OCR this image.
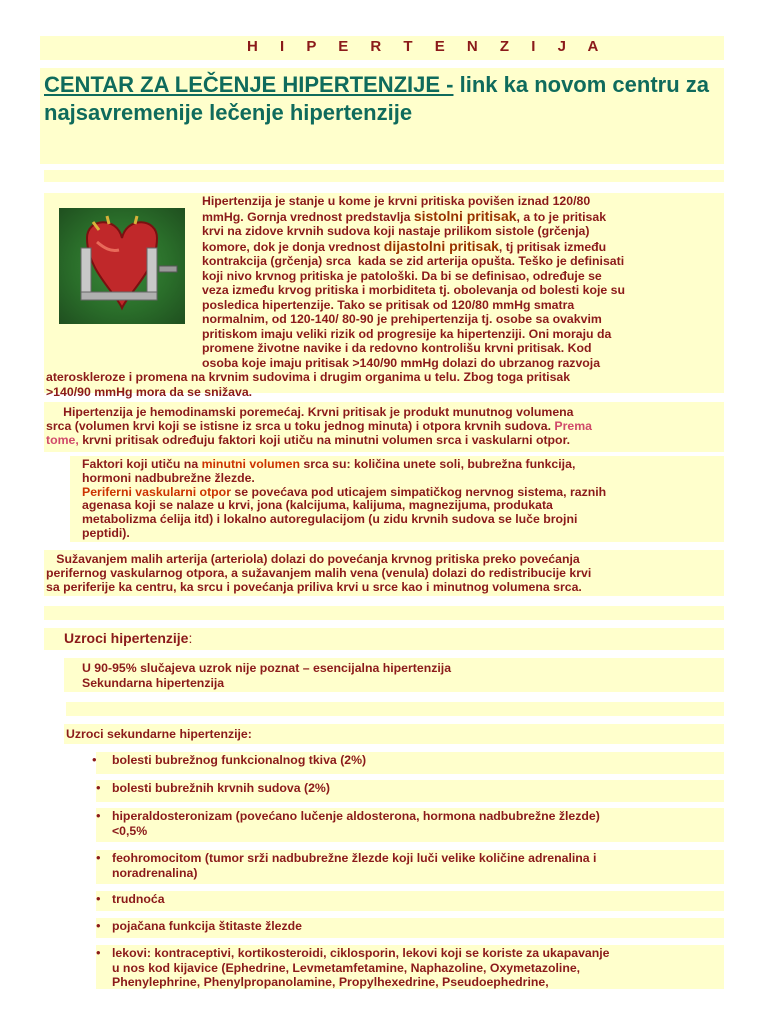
H I P E R T E N Z I J A

CENTAR ZA LEČENJE HIPERTENZIJE - link ka novom centru za najsavremenije lečenje hipertenzije

Hipertenzija je stanje u kome je krvni pritiska povišen iznad 120/80
mmHg. Gornja vrednost predstavlja sistolni pritisak, a to je pritisak
krvi na zidove krvnih sudova koji nastaje prilikom sistole (grčenja)
komore, dok je donja vrednost dijastolni pritisak, tj pritisak između
kontrakcija (grčenja) srca  kada se zid arterija opušta. Teško je definisati
koji nivo krvnog pritiska je patološki. Da bi se definisao, određuje se
veza između krvog pritiska i morbiditeta tj. obolevanja od bolesti koje su
posledica hipertenzije. Tako se pritisak od 120/80 mmHg smatra
normalnim, od 120-140/ 80-90 je prehipertenzija tj. osobe sa ovakvim
pritiskom imaju veliki rizik od progresije ka hipertenziji. Oni moraju da
promene životne navike i da redovno kontrolišu krvni pritisak. Kod
osoba koje imaju pritisak >140/90 mmHg dolazi do ubrzanog razvoja
ateroskleroze i promena na krvnim sudovima i drugim organima u telu. Zbog toga pritisak
>140/90 mmHg mora da se snižava.
Hipertenzija je hemodinamski poremećaj. Krvni pritisak je produkt munutnog volumena
srca (volumen krvi koji se istisne iz srca u toku jednog minuta) i otpora krvnih sudova. Prema
tome, krvni pritisak određuju faktori koji utiču na minutni volumen srca i vaskularni otpor.
Faktori koji utiču na minutni volumen srca su: količina unete soli, bubrežna funkcija,
hormoni nadbubrežne žlezde.
Periferni vaskularni otpor se povećava pod uticajem simpatičkog nervnog sistema, raznih
agenasa koji se nalaze u krvi, jona (kalcijuma, kalijuma, magnezijuma, produkata
metabolizma ćelija itd) i lokalno autoregulacijom (u zidu krvnih sudova se luče brojni
peptidi).
Sužavanjem malih arterija (arteriola) dolazi do povećanja krvnog pritiska preko povećanja
perifernog vaskularnog otpora, a sužavanjem malih vena (venula) dolazi do redistribucije krvi
sa periferije ka centru, ka srcu i povećanja priliva krvi u srce kao i minutnog volumena srca.
Uzroci hipertenzije:
U 90-95% slučajeva uzrok nije poznat – esencijalna hipertenzija
Sekundarna hipertenzija
Uzroci sekundarne hipertenzije:
• bolesti bubrežnog funkcionalnog tkiva (2%)
• bolesti bubrežnih krvnih sudova (2%)
• hiperaldosteronizam (povećano lučenje aldosterona, hormona nadbubrežne žlezde)
<0,5%
• feohromocitom (tumor srži nadbubrežne žlezde koji luči velike količine adrenalina i
noradrenalina)
• trudnoća
• pojačana funkcija štitaste žlezde
• lekovi: kontraceptivi, kortikosteroidi, ciklosporin, lekovi koji se koriste za ukapavanje
u nos kod kijavice (Ephedrine, Levmetamfetamine, Naphazoline, Oxymetazoline,
Phenylephrine, Phenylpropanolamine, Propylhexedrine, Pseudoephedrine,
